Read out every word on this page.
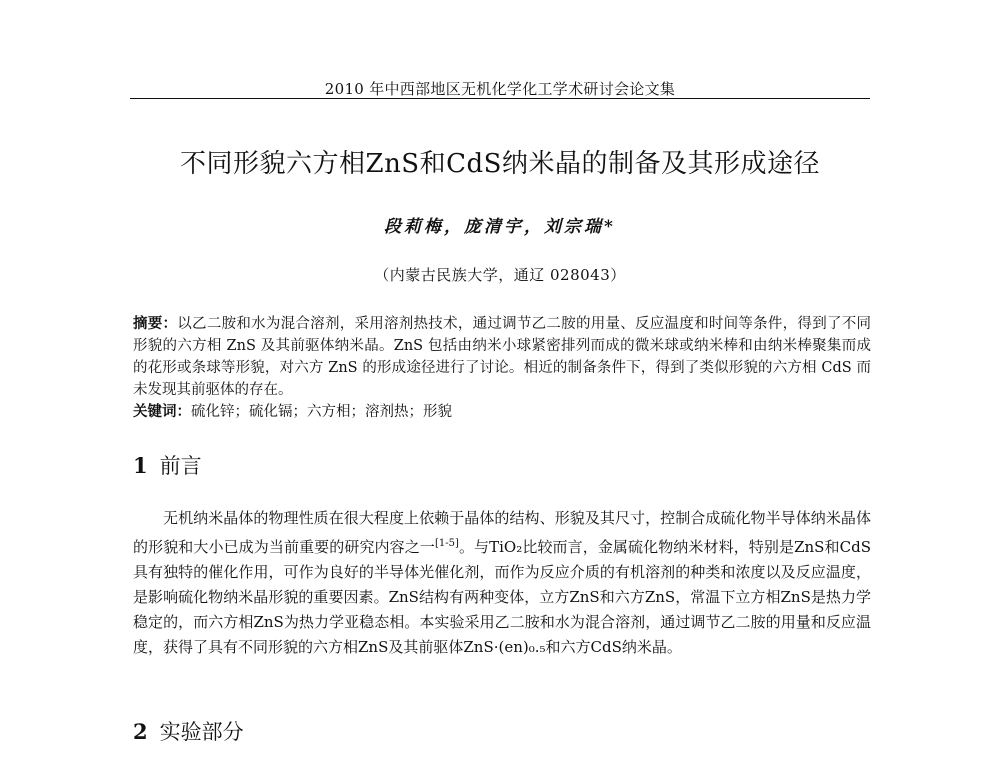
2010 年中西部地区无机化学化工学术研讨会论文集
不同形貌六方相ZnS和CdS纳米晶的制备及其形成途径
段莉梅，庞清宇，刘宗瑞*
（内蒙古民族大学，通辽 028043）

摘要：以乙二胺和水为混合溶剂，采用溶剂热技术，通过调节乙二胺的用量、反应温度和时间等条件，得到了不同形貌的六方相 ZnS 及其前驱体纳米晶。ZnS 包括由纳米小球紧密排列而成的微米球或纳米棒和由纳米棒聚集而成的花形或条球等形貌，对六方 ZnS 的形成途径进行了讨论。相近的制备条件下，得到了类似形貌的六方相 CdS 而未发现其前驱体的存在。

关键词：硫化锌；硫化镉；六方相；溶剂热；形貌

1 前言

无机纳米晶体的物理性质在很大程度上依赖于晶体的结构、形貌及其尺寸，控制合成硫化物半导体纳米晶体的形貌和大小已成为当前重要的研究内容之一[1-5]。与TiO₂比较而言，金属硫化物纳米材料，特别是ZnS和CdS具有独特的催化作用，可作为良好的半导体光催化剂，而作为反应介质的有机溶剂的种类和浓度以及反应温度，是影响硫化物纳米晶形貌的重要因素。ZnS结构有两种变体，立方ZnS和六方ZnS，常温下立方相ZnS是热力学稳定的，而六方相ZnS为热力学亚稳态相。本实验采用乙二胺和水为混合溶剂，通过调节乙二胺的用量和反应温度，获得了具有不同形貌的六方相ZnS及其前驱体ZnS·(en)₀.₅和六方CdS纳米晶。

2 实验部分
